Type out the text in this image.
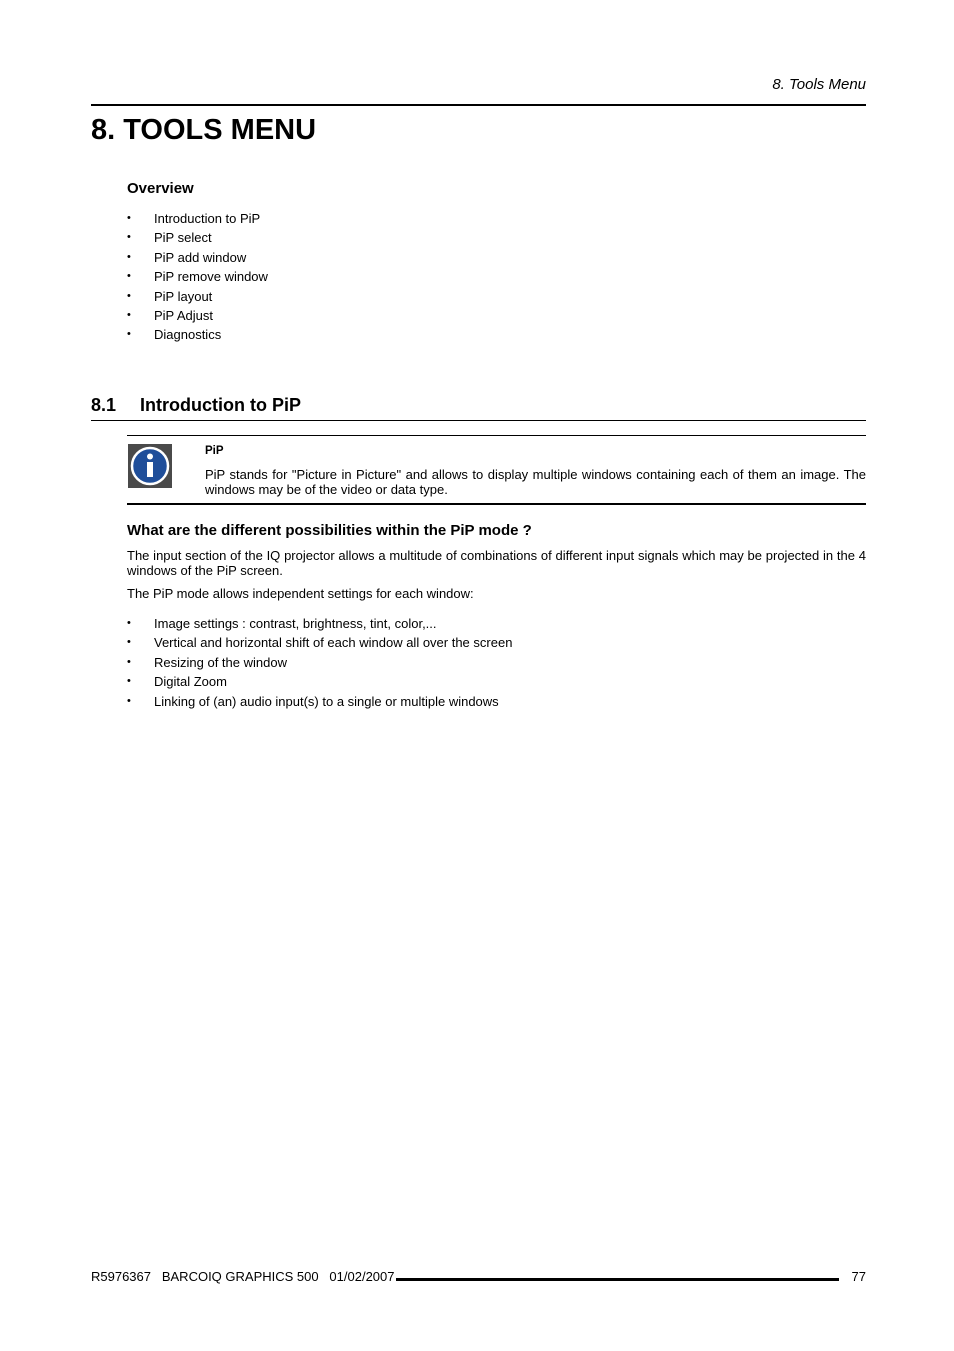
8. Tools Menu
8. TOOLS MENU
Overview
• Introduction to PiP
• PiP select
• PiP add window
• PiP remove window
• PiP layout
• PiP Adjust
• Diagnostics
8.1 Introduction to PiP
PiP

PiP stands for "Picture in Picture" and allows to display multiple windows containing each of them an image. The windows may be of the video or data type.

What are the different possibilities within the PiP mode ?

The input section of the IQ projector allows a multitude of combinations of different input signals which may be projected in the 4 windows of the PiP screen.

The PiP mode allows independent settings for each window:

• Image settings : contrast, brightness, tint, color,...
• Vertical and horizontal shift of each window all over the screen
• Resizing of the window
• Digital Zoom
• Linking of (an) audio input(s) to a single or multiple windows
R5976367   BARCOIQ GRAPHICS 500   01/02/2007	77
